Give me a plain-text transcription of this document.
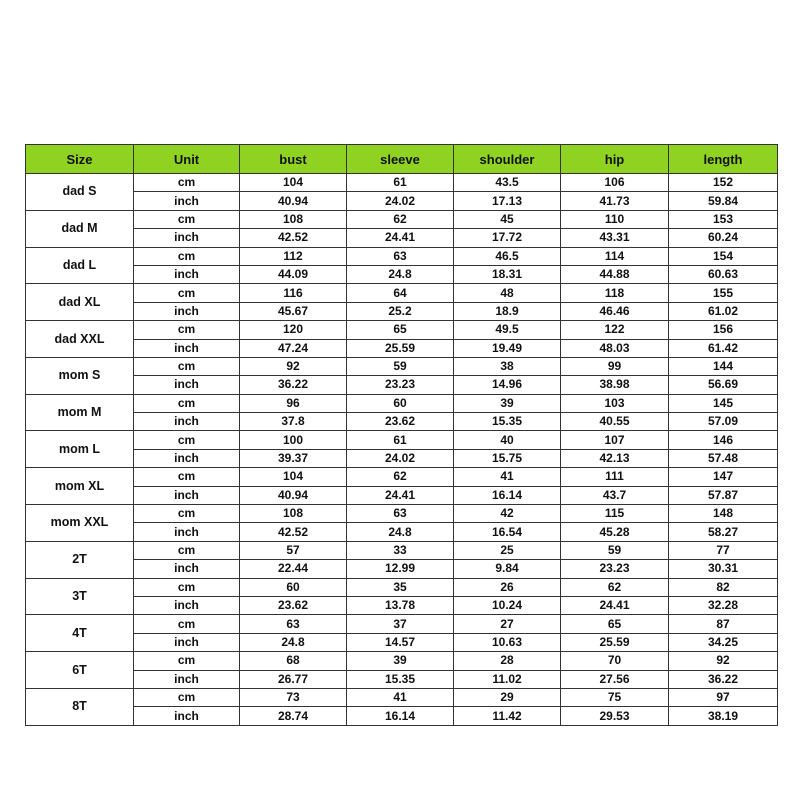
Size	Unit	bust	sleeve	shoulder	hip	length
dad S	cm	104	61	43.5	106	152
	inch	40.94	24.02	17.13	41.73	59.84
dad M	cm	108	62	45	110	153
	inch	42.52	24.41	17.72	43.31	60.24
dad L	cm	112	63	46.5	114	154
	inch	44.09	24.8	18.31	44.88	60.63
dad XL	cm	116	64	48	118	155
	inch	45.67	25.2	18.9	46.46	61.02
dad XXL	cm	120	65	49.5	122	156
	inch	47.24	25.59	19.49	48.03	61.42
mom S	cm	92	59	38	99	144
	inch	36.22	23.23	14.96	38.98	56.69
mom M	cm	96	60	39	103	145
	inch	37.8	23.62	15.35	40.55	57.09
mom L	cm	100	61	40	107	146
	inch	39.37	24.02	15.75	42.13	57.48
mom XL	cm	104	62	41	111	147
	inch	40.94	24.41	16.14	43.7	57.87
mom XXL	cm	108	63	42	115	148
	inch	42.52	24.8	16.54	45.28	58.27
2T	cm	57	33	25	59	77
	inch	22.44	12.99	9.84	23.23	30.31
3T	cm	60	35	26	62	82
	inch	23.62	13.78	10.24	24.41	32.28
4T	cm	63	37	27	65	87
	inch	24.8	14.57	10.63	25.59	34.25
6T	cm	68	39	28	70	92
	inch	26.77	15.35	11.02	27.56	36.22
8T	cm	73	41	29	75	97
	inch	28.74	16.14	11.42	29.53	38.19
